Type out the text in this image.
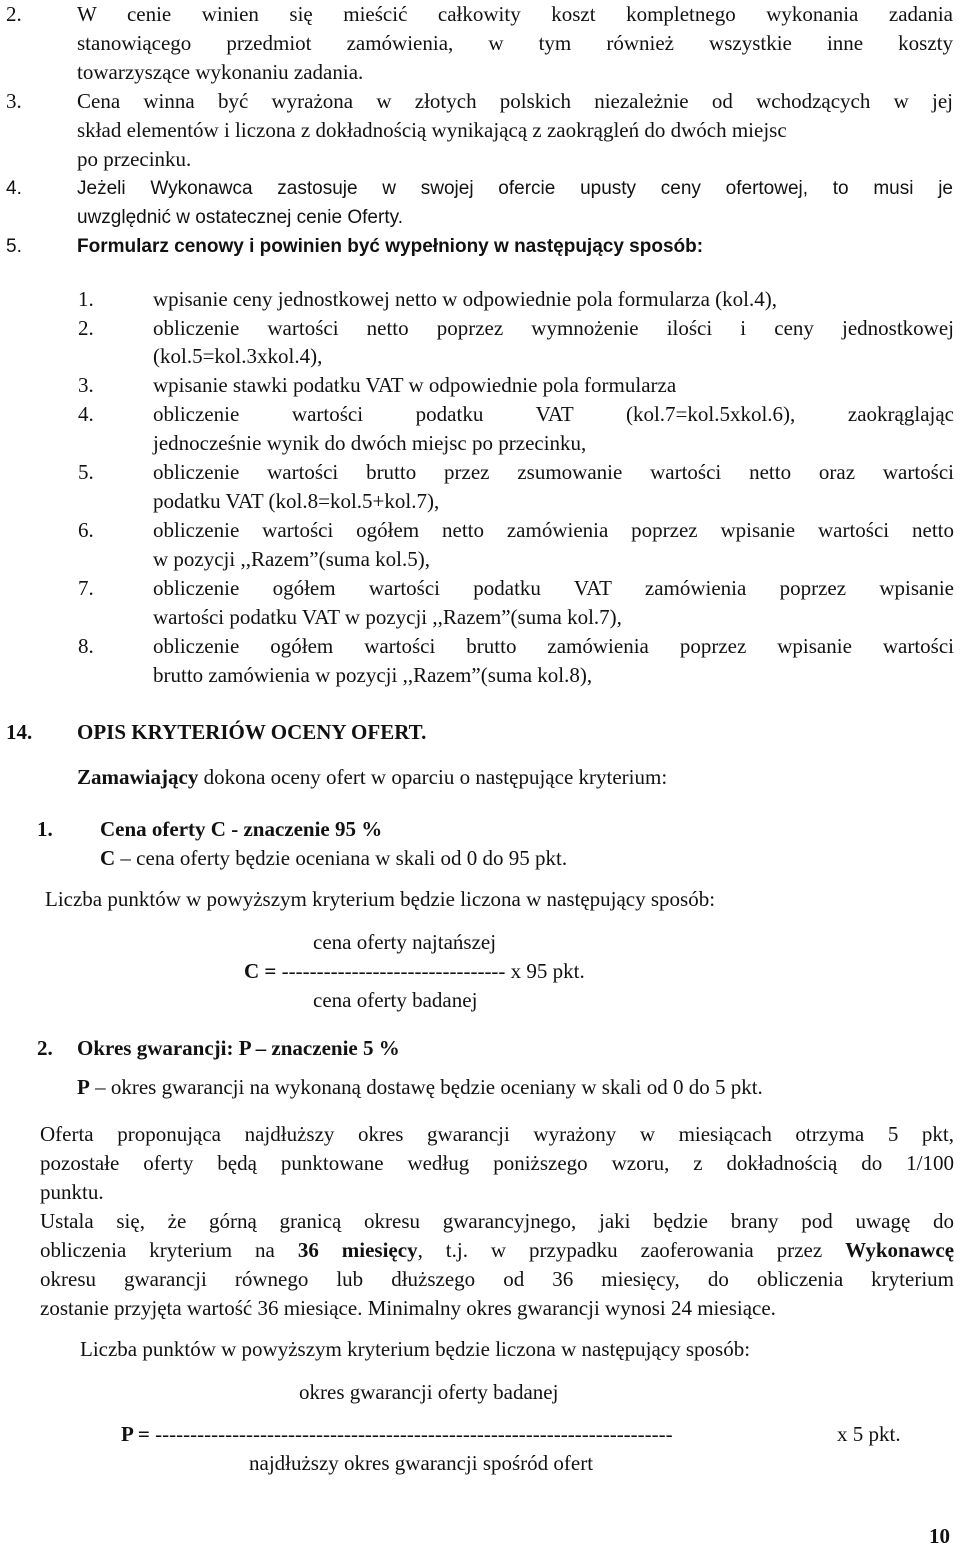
2.	W cenie winien się mieścić całkowity koszt kompletnego wykonania zadania
stanowiącego przedmiot zamówienia, w tym również wszystkie inne koszty
towarzyszące wykonaniu zadania.
3.	Cena winna być wyrażona w złotych polskich niezależnie od wchodzących w jej
skład elementów i liczona z dokładnością wynikającą z zaokrągleń do dwóch miejsc
po przecinku.
4.	Jeżeli Wykonawca zastosuje w swojej ofercie upusty ceny ofertowej, to musi je
uwzględnić w ostatecznej cenie Oferty.
5.	Formularz cenowy i powinien być wypełniony w następujący sposób:
1.	wpisanie ceny jednostkowej netto w odpowiednie pola formularza (kol.4),
2.	obliczenie wartości netto poprzez wymnożenie ilości i ceny jednostkowej
(kol.5=kol.3xkol.4),
3.	wpisanie stawki podatku VAT w odpowiednie pola formularza
4.	obliczenie wartości podatku VAT (kol.7=kol.5xkol.6), zaokrąglając
jednocześnie wynik do dwóch miejsc po przecinku,
5.	obliczenie wartości brutto przez zsumowanie wartości netto oraz wartości
podatku VAT (kol.8=kol.5+kol.7),
6.	obliczenie wartości ogółem netto zamówienia poprzez wpisanie wartości netto
w pozycji ,,Razem”(suma kol.5),
7.	obliczenie ogółem wartości podatku VAT zamówienia poprzez wpisanie
wartości podatku VAT w pozycji ,,Razem”(suma kol.7),
8.	obliczenie ogółem wartości brutto zamówienia poprzez wpisanie wartości
brutto zamówienia w pozycji ,,Razem”(suma kol.8),
14. OPIS KRYTERIÓW OCENY OFERT.
Zamawiający dokona oceny ofert w oparciu o następujące kryterium:
1. Cena oferty C - znaczenie 95 %
C – cena oferty będzie oceniana w skali od 0 do 95 pkt.
Liczba punktów w powyższym kryterium będzie liczona w następujący sposób:
cena oferty najtańszej
C = -------------------------------- x 95 pkt.
cena oferty badanej
2. Okres gwarancji: P – znaczenie 5 %
P – okres gwarancji na wykonaną dostawę będzie oceniany w skali od 0 do 5 pkt.
Oferta proponująca najdłuższy okres gwarancji wyrażony w miesiącach otrzyma 5 pkt,
pozostałe oferty będą punktowane według poniższego wzoru, z dokładnością do 1/100
punktu.
Ustala się, że górną granicą okresu gwarancyjnego, jaki będzie brany pod uwagę do
obliczenia kryterium na 36 miesięcy, t.j. w przypadku zaoferowania przez Wykonawcę
okresu gwarancji równego lub dłuższego od 36 miesięcy, do obliczenia kryterium
zostanie przyjęta wartość 36 miesiące. Minimalny okres gwarancji wynosi 24 miesiące.
Liczba punktów w powyższym kryterium będzie liczona w następujący sposób:
okres gwarancji oferty badanej
P = --------------------------------------------------------------------------	x 5 pkt.
najdłuższy okres gwarancji spośród ofert
10
